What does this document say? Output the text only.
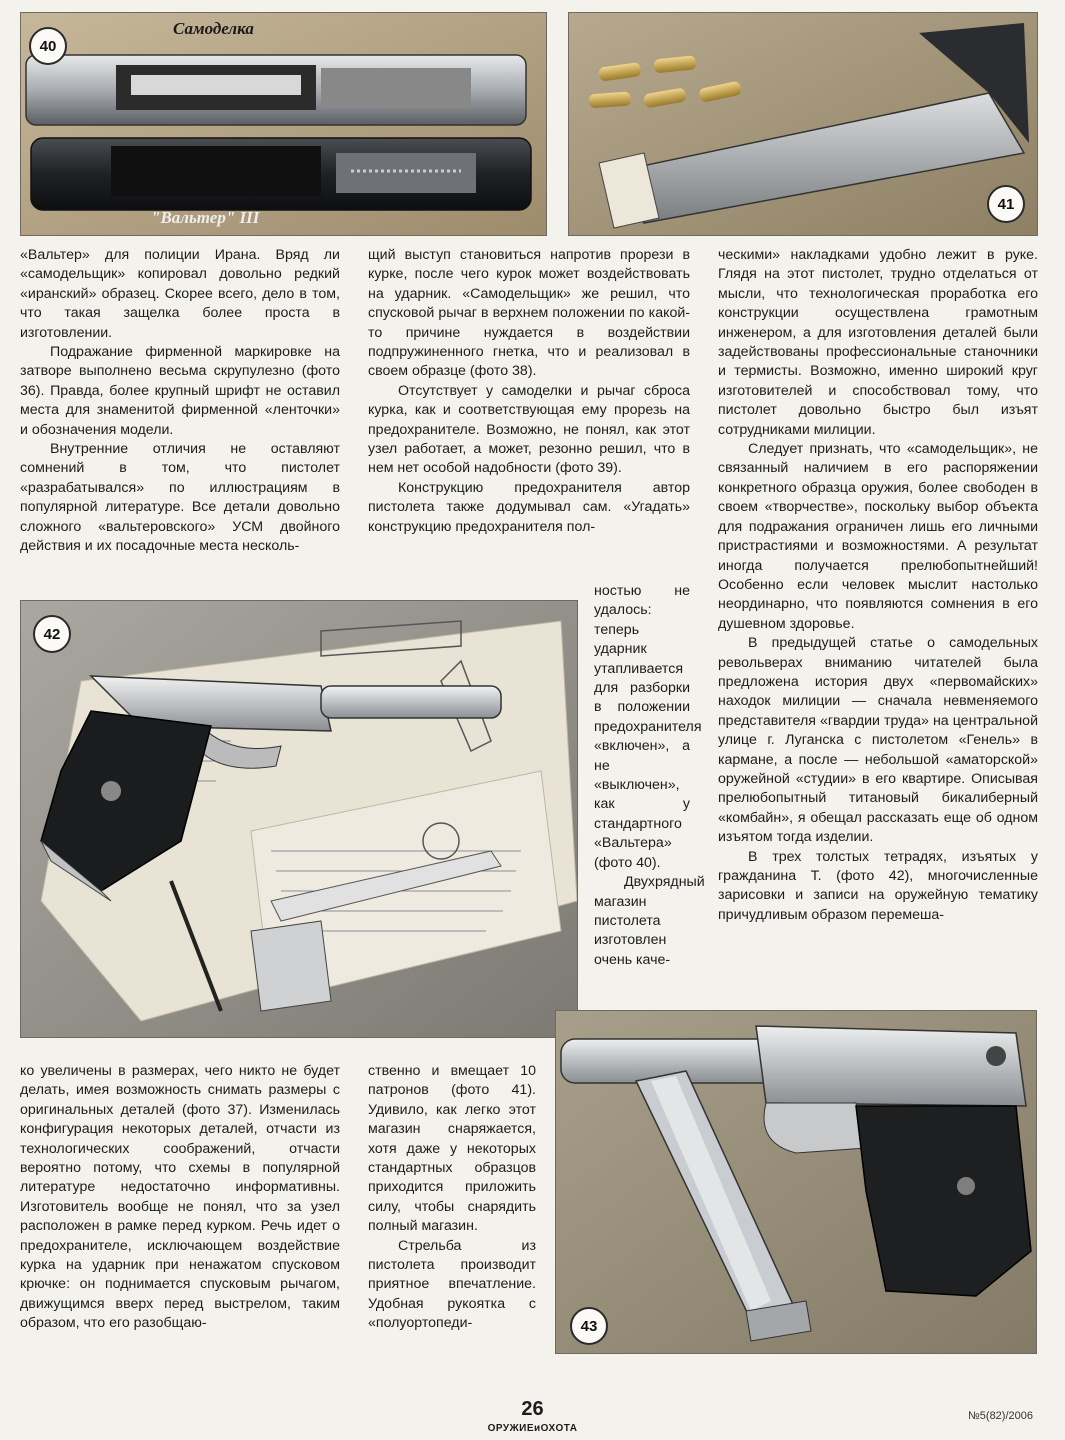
40
Самоделка
"Вальтер" III
41

«Вальтер» для полиции Ирана. Вряд ли «самодельщик» копировал довольно редкий «иранский» образец. Скорее всего, дело в том, что такая защелка более проста в изготовлении.

Подражание фирменной маркировке на затворе выполнено весьма скрупулезно (фото 36). Правда, более крупный шрифт не оставил места для знаменитой фирменной «ленточки» и обозначения модели.

Внутренние отличия не оставляют сомнений в том, что пистолет «разрабатывался» по иллюстрациям в популярной литературе. Все детали довольно сложного «вальтеровского» УСМ двойного действия и их посадочные места несколь-

щий выступ становиться напротив прорези в курке, после чего курок может воздействовать на ударник. «Самодельщик» же решил, что спусковой рычаг в верхнем положении по какой-то причине нуждается в воздействии подпружиненного гнетка, что и реализовал в своем образце (фото 38).

Отсутствует у самоделки и рычаг сброса курка, как и соответствующая ему прорезь на предохранителе. Возможно, не понял, как этот узел работает, а может, резонно решил, что в нем нет особой надобности (фото 39).

Конструкцию предохранителя автор пистолета также додумывал сам. «Угадать» конструкцию предохранителя пол-

ностью не удалось: теперь ударник утапливается для разборки в положении предохранителя «включен», а не «выключен», как у стандартного «Вальтера» (фото 40).

Двухрядный магазин пистолета изготовлен очень каче-

ческими» накладками удобно лежит в руке. Глядя на этот пистолет, трудно отделаться от мысли, что технологическая проработка его конструкции осуществлена грамотным инженером, а для изготовления деталей были задействованы профессиональные станочники и термисты. Возможно, именно широкий круг изготовителей и способствовал тому, что пистолет довольно быстро был изъят сотрудниками милиции.

Следует признать, что «самодельщик», не связанный наличием в его распоряжении конкретного образца оружия, более свободен в своем «творчестве», поскольку выбор объекта для подражания ограничен лишь его личными пристрастиями и возможностями. А результат иногда получается прелюбопытнейший! Особенно если человек мыслит настолько неординарно, что появляются сомнения в его душевном здоровье.

В предыдущей статье о самодельных револьверах вниманию читателей была предложена история двух «первомайских» находок милиции — сначала невменяемого представителя «гвардии труда» на центральной улице г. Луганска с пистолетом «Генель» в кармане, а после — небольшой «аматорской» оружейной «студии» в его квартире. Описывая прелюбопытный титановый бикалиберный «комбайн», я обещал рассказать еще об одном изъятом тогда изделии.

В трех толстых тетрадях, изъятых у гражданина Т. (фото 42), многочисленные зарисовки и записи на оружейную тематику причудливым образом перемеша-

42
43

ко увеличены в размерах, чего никто не будет делать, имея возможность снимать размеры с оригинальных деталей (фото 37). Изменилась конфигурация некоторых деталей, отчасти из технологических соображений, отчасти вероятно потому, что схемы в популярной литературе недостаточно информативны. Изготовитель вообще не понял, что за узел расположен в рамке перед курком. Речь идет о предохранителе, исключающем воздействие курка на ударник при ненажатом спусковом крючке: он поднимается спусковым рычагом, движущимся вверх перед выстрелом, таким образом, что его разобщаю-

ственно и вмещает 10 патронов (фото 41). Удивило, как легко этот магазин снаряжается, хотя даже у некоторых стандартных образцов приходится приложить силу, чтобы снарядить полный магазин.

Стрельба из пистолета производит приятное впечатление. Удобная рукоятка с «полуортопеди-

26
ОРУЖИЕиОХОТА
№5(82)/2006
